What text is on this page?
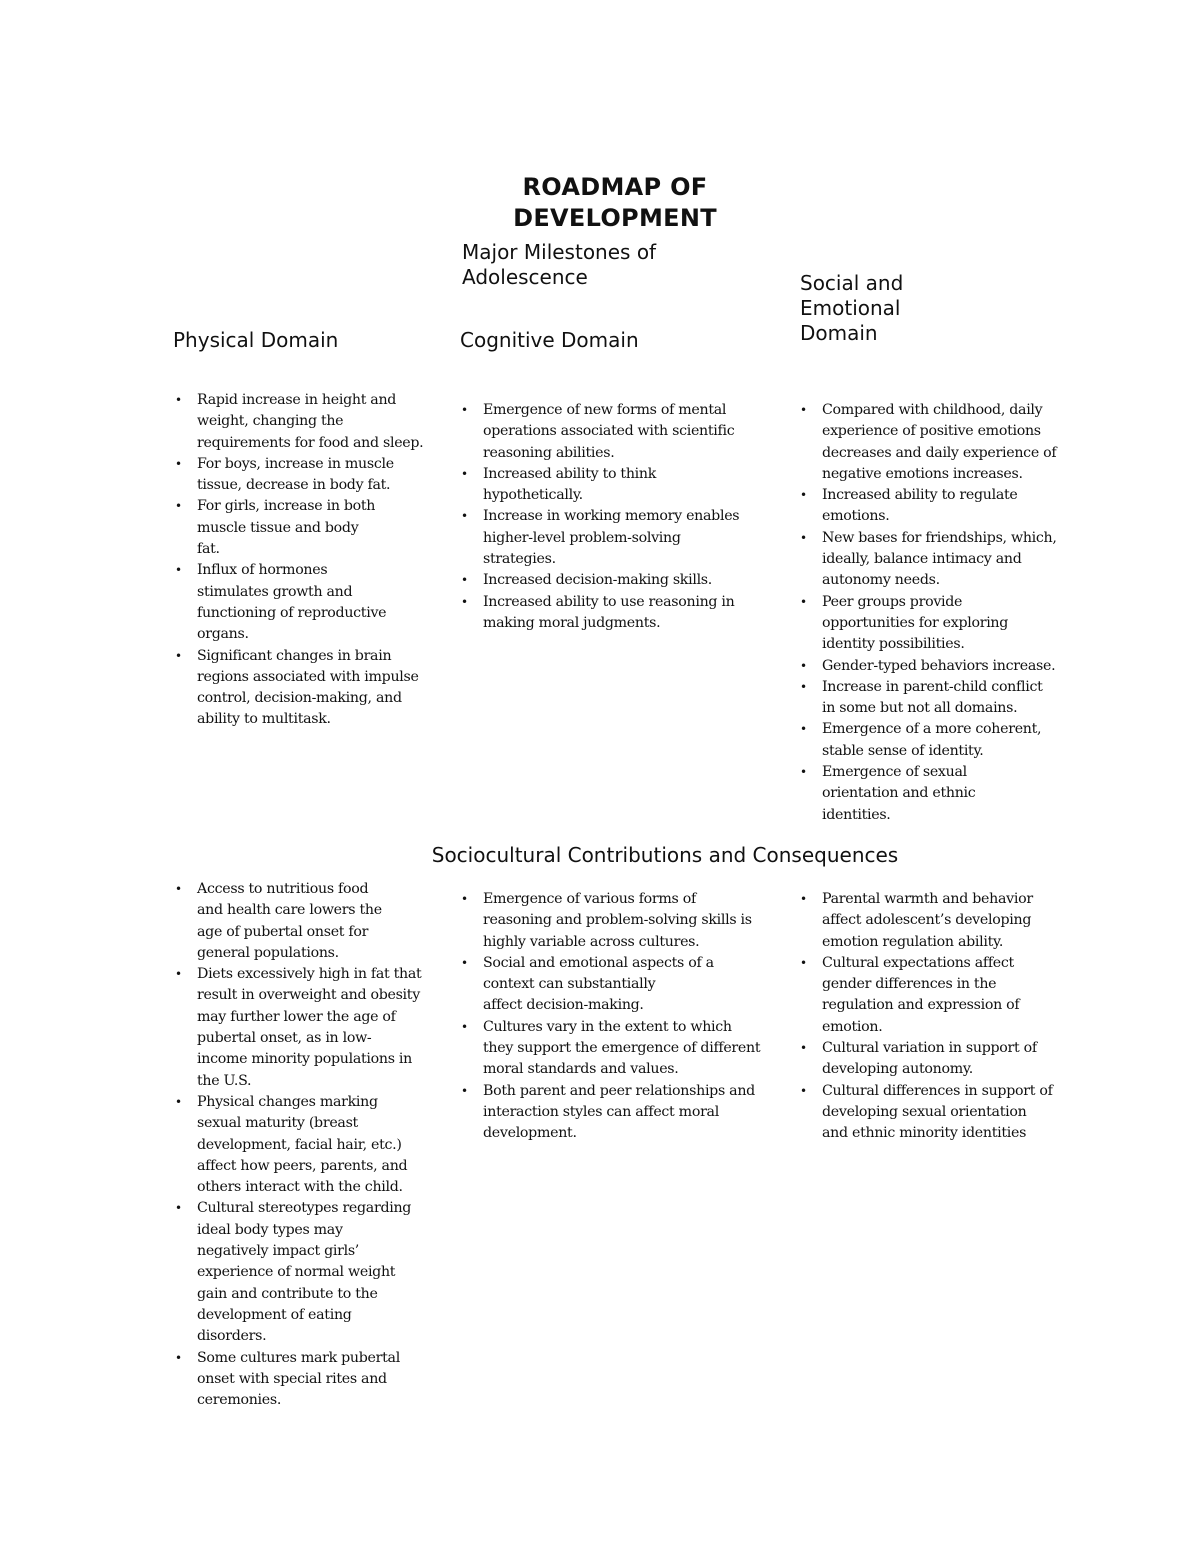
ROADMAP OF
DEVELOPMENT
Major Milestones of
Adolescence
Physical Domain	Cognitive Domain
Social and
Emotional
Domain
• Rapid increase in height and
weight, changing the
requirements for food and sleep.
• For boys, increase in muscle
tissue, decrease in body fat.
• For girls, increase in both
muscle tissue and body
fat.
• Influx of hormones
stimulates growth and
functioning of reproductive
organs.
• Significant changes in brain
regions associated with impulse
control, decision-making, and
ability to multitask.
• Emergence of new forms of mental
operations associated with scientific
reasoning abilities.
• Increased ability to think
hypothetically.
• Increase in working memory enables
higher-level problem-solving
strategies.
• Increased decision-making skills.
• Increased ability to use reasoning in
making moral judgments.
• Compared with childhood, daily
experience of positive emotions
decreases and daily experience of
negative emotions increases.
• Increased ability to regulate
emotions.
• New bases for friendships, which,
ideally, balance intimacy and
autonomy needs.
• Peer groups provide
opportunities for exploring
identity possibilities.
• Gender-typed behaviors increase.
• Increase in parent-child conflict
in some but not all domains.
• Emergence of a more coherent,
stable sense of identity.
• Emergence of sexual
orientation and ethnic
identities.
Sociocultural Contributions and Consequences
• Access to nutritious food
and health care lowers the
age of pubertal onset for
general populations.
• Diets excessively high in fat that
result in overweight and obesity
may further lower the age of
pubertal onset, as in low-
income minority populations in
the U.S.
• Physical changes marking
sexual maturity (breast
development, facial hair, etc.)
affect how peers, parents, and
others interact with the child.
• Cultural stereotypes regarding
ideal body types may
negatively impact girls’
experience of normal weight
gain and contribute to the
development of eating
disorders.
• Some cultures mark pubertal
onset with special rites and
ceremonies.
• Emergence of various forms of
reasoning and problem-solving skills is
highly variable across cultures.
• Social and emotional aspects of a
context can substantially
affect decision-making.
• Cultures vary in the extent to which
they support the emergence of different
moral standards and values.
• Both parent and peer relationships and
interaction styles can affect moral
development.
• Parental warmth and behavior
affect adolescent’s developing
emotion regulation ability.
• Cultural expectations affect
gender differences in the
regulation and expression of
emotion.
• Cultural variation in support of
developing autonomy.
• Cultural differences in support of
developing sexual orientation
and ethnic minority identities
